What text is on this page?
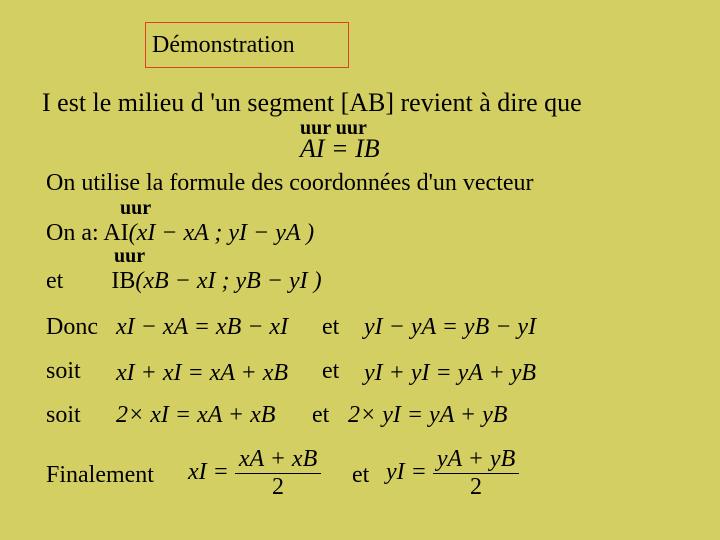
Démonstration
I est le milieu d 'un segment [AB] revient à dire que
uur uur
AI = IB
On utilise la formule des coordonnées d'un vecteur
uur
On a: AI(xI − xA ; yI − yA )
uur
et IB(xB − xI ; yB − yI )
Donc xI − xA = xB − xI et yI − yA = yB − yI
soit xI + xI = xA + xB et yI + yI = yA + yB
soit 2× xI = xA + xB et 2× yI = yA + yB
Finalement xI = $\frac{xA + xB}{2}$ et yI = $\frac{yA + yB}{2}$
